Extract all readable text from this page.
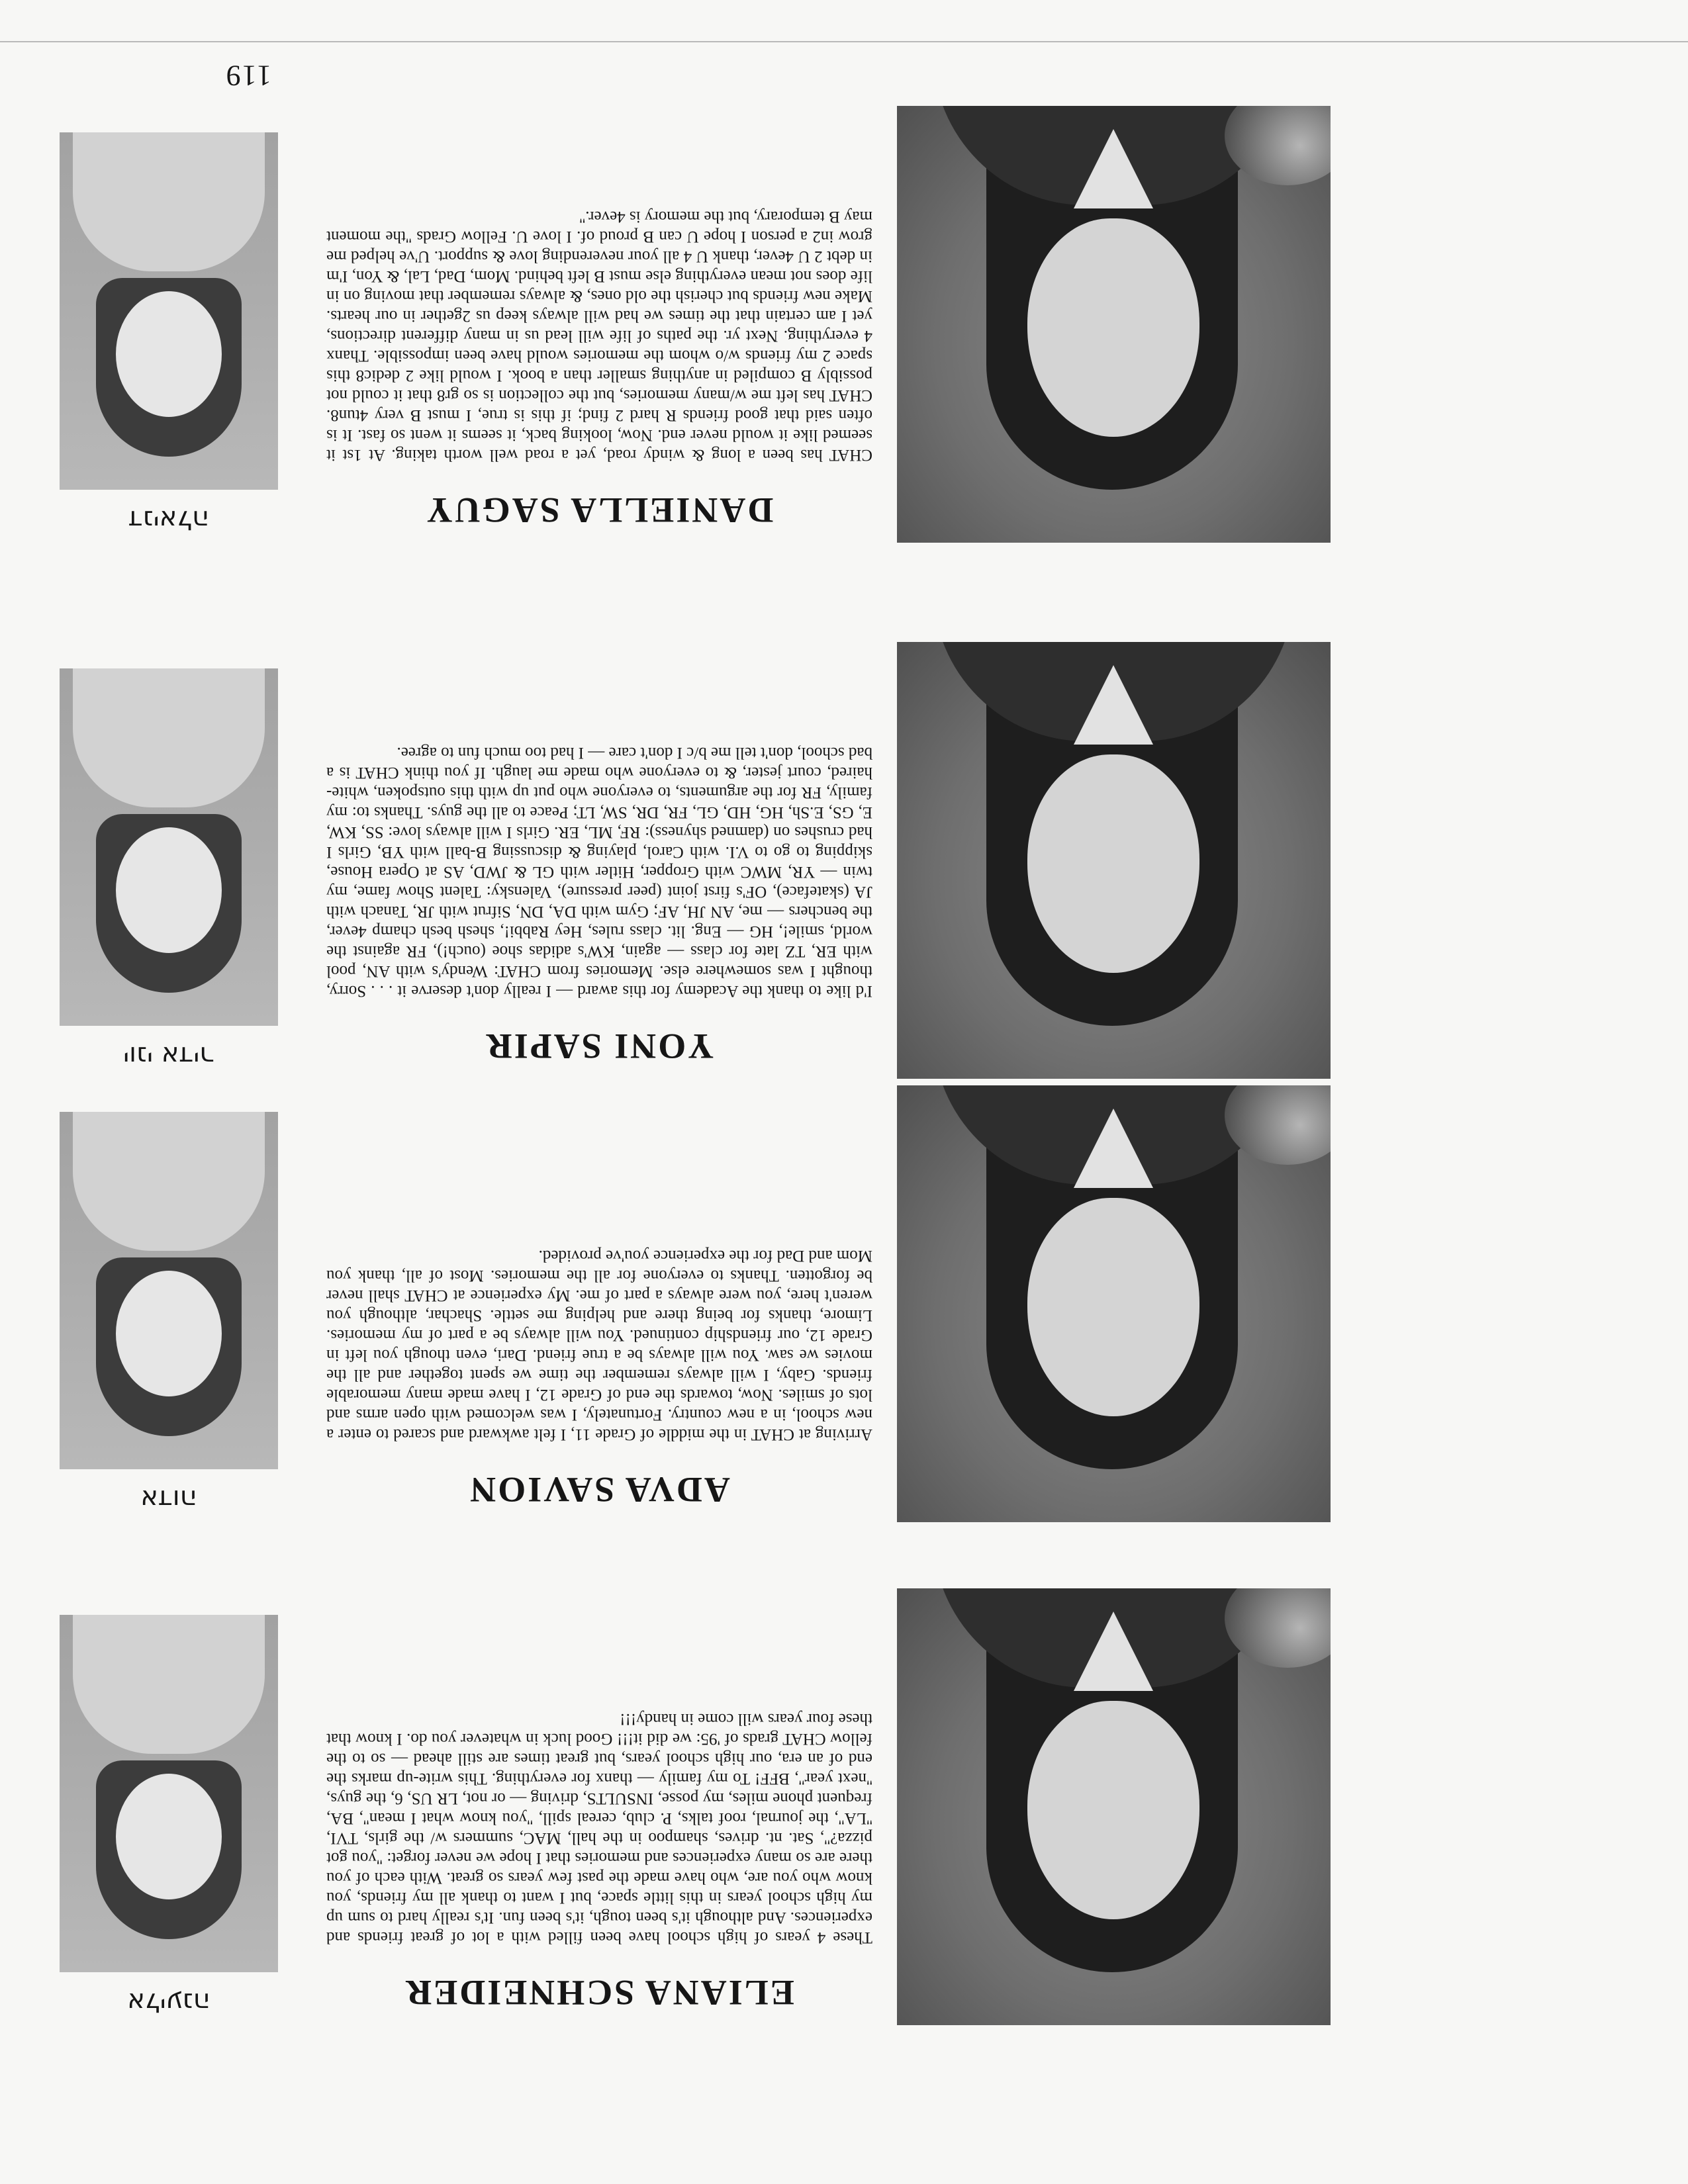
ELIANA SCHNEIDER

These 4 years of high school have been filled with a lot of great friends and experiences. And although it's been tough, it's been fun. It's really hard to sum up my high school years in this little space, but I want to thank all my friends, you know who you are, who have made the past few years so great. With each of you there are so many experiences and memories that I hope we never forget: ''you got pizza?'', Sat. nt. drives, shampoo in the hall, MAC, summers w/ the girls, TVI, ''LA'', the journal, roof talks, P. club, cereal spill, ''you know what I mean'', BA, frequent phone miles, my posse, INSULTS, driving — or not, LR US, 6, the guys, ''next year'', BFF! To my family — thanx for everything. This write-up marks the end of an era, our high school years, but great times are still ahead — so to the fellow CHAT grads of '95: we did it!!! Good luck in whatever you do. I know that these four years will come in handy!!!

אליענה
ADVA SAVION

Arriving at CHAT in the middle of Grade 11, I felt awkward and scared to enter a new school, in a new country. Fortunately, I was welcomed with open arms and lots of smiles. Now, towards the end of Grade 12, I have made many memorable friends. Gaby, I will always remember the time we spent together and all the movies we saw. You will always be a true friend. Dari, even though you left in Grade 12, our friendship continued. You will always be a part of my memories. Limore, thanks for being there and helping me settle. Shachar, although you weren't here, you were always a part of me. My experience at CHAT shall never be forgotten. Thanks to everyone for all the memories. Most of all, thank you Mom and Dad for the experience you've provided.

אדוה
YONI SAPIR

I'd like to thank the Academy for this award — I really don't deserve it . . . Sorry, thought I was somewhere else. Memories from CHAT: Wendy's with AN, pool with ER, TZ late for class — again, KW's adidas shoe (ouch!), FR against the world, smile!, HG — Eng. lit. class rules, Hey Rabbi!, shesh besh champ 4ever, the benchers — me, AN JH, AF; Gym with DA, DN, Sifrut with JR, Tanach with JA (skateface), OF's first joint (peer pressure), Valensky: Talent Show fame, my twin — YR, MWC with Gropper, Hitler with GL & JWD, AS at Opera House, skipping to go to V.I. with Carol, playing & discussing B-ball with YB, Girls I had crushes on (damned shyness): RF, ML, ER. Girls I will always love: SS, KW, E, GS, E.Sh, HG, HD, GL, FR, DR, SW, LT; Peace to all the guys. Thanks to: my family, FR for the arguments, to everyone who put up with this outspoken, white-haired, court jester, & to everyone who made me laugh. If you think CHAT is a bad school, don't tell me b/c I don't care — I had too much fun to agree.

יוני אדיר
DANIELLA SAGUY

CHAT has been a long & windy road, yet a road well worth taking. At 1st it seemed like it would never end. Now, looking back, it seems it went so fast. It is often said that good friends R hard 2 find; if this is true, I must B very 4tun8. CHAT has left me w/many memories, but the collection is so gr8 that it could not possibly B compiled in anything smaller than a book. I would like 2 dedic8 this space 2 my friends w/o whom the memories would have been impossible. Thanx 4 everything. Next yr. the paths of life will lead us in many different directions, yet I am certain that the times we had will always keep us 2gether in our hearts. Make new friends but cherish the old ones, & always remember that moving on in life does not mean everything else must B left behind. Mom, Dad, Lal, & Yon, I'm in debt 2 U 4ever, thank U 4 all your neverending love & support. U've helped me grow in2 a person I hope U can B proud of. I love U. Fellow Grads ''the moment may B temporary, but the memory is 4ever.''

דניאלה
119
